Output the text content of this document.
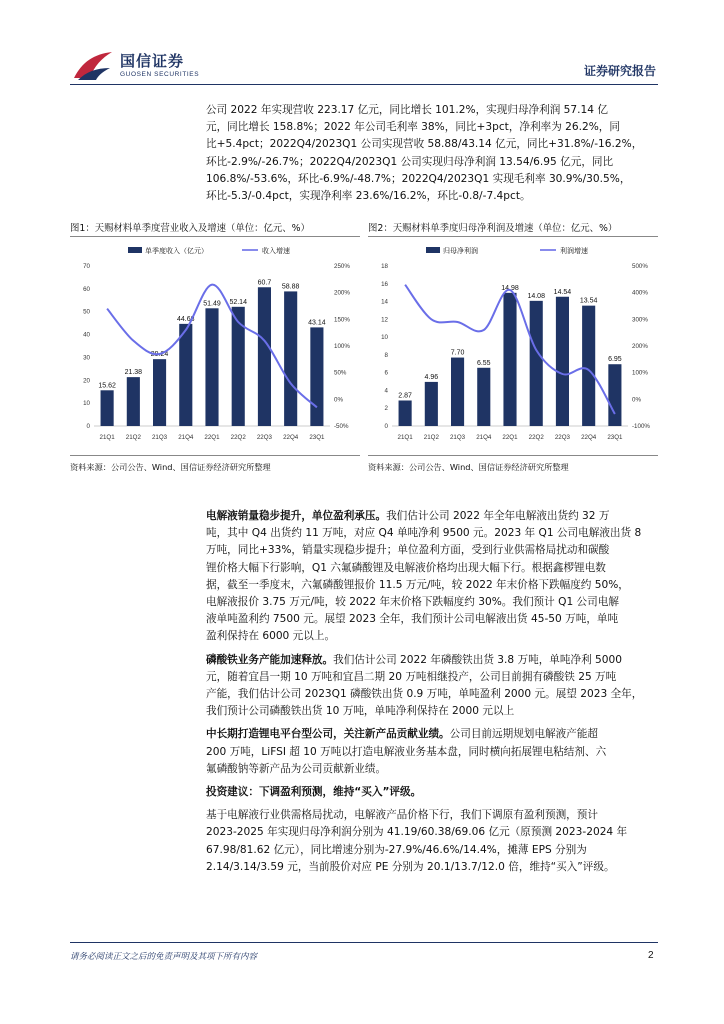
国信证券
GUOSEN SECURITIES	证券研究报告
公司 2022 年实现营收 223.17 亿元，同比增长 101.2%，实现归母净利润 57.14 亿
元，同比增长 158.8%；2022 年公司毛利率 38%，同比+3pct，净利率为 26.2%，同
比+5.4pct；2022Q4/2023Q1 公司实现营收 58.88/43.14 亿元，同比+31.8%/-16.2%，
环比-2.9%/-26.7%；2022Q4/2023Q1 公司实现归母净利润 13.54/6.95 亿元，同比
106.8%/-53.6%，环比-6.9%/-48.7%；2022Q4/2023Q1 实现毛利率 30.9%/30.5%，
环比-5.3/-0.4pct，实现净利率 23.6%/16.2%，环比-0.8/-7.4pct。
图1：天赐材料单季度营业收入及增速（单位：亿元、%）	图2：天赐材料单季度归母净利润及增速（单位：亿元、%）
单季度收入（亿元）	收入增速
0
10
20
30
40
50
60
70
-50%
0%
50%
100%
150%
200%
250%
15.62
21Q1
21.38
21Q2
29.24
21Q3
44.68
21Q4
51.49
22Q1
52.14
22Q2
60.7
22Q3
58.88
22Q4
43.14
23Q1
归母净利润	利润增速
0
2
4
6
8
10
12
14
16
18
-100%
0%
100%
200%
300%
400%
500%
2.87
21Q1
4.96
21Q2
7.70
21Q3
6.55
21Q4
14.98
22Q1
14.08
22Q2
14.54
22Q3
13.54
22Q4
6.95
23Q1
资料来源：公司公告、Wind、国信证券经济研究所整理	资料来源：公司公告、Wind、国信证券经济研究所整理
电解液销量稳步提升，单位盈利承压。我们估计公司 2022 年全年电解液出货约 32 万
吨，其中 Q4 出货约 11 万吨，对应 Q4 单吨净利 9500 元。2023 年 Q1 公司电解液出货 8
万吨，同比+33%，销量实现稳步提升；单位盈利方面，受到行业供需格局扰动和碳酸
锂价格大幅下行影响，Q1 六氟磷酸锂及电解液价格均出现大幅下行。根据鑫椤锂电数
据，截至一季度末，六氟磷酸锂报价 11.5 万元/吨，较 2022 年末价格下跌幅度约 50%，
电解液报价 3.75 万元/吨，较 2022 年末价格下跌幅度约 30%。我们预计 Q1 公司电解
液单吨盈利约 7500 元。展望 2023 全年，我们预计公司电解液出货 45-50 万吨，单吨
盈利保持在 6000 元以上。
磷酸铁业务产能加速释放。我们估计公司 2022 年磷酸铁出货 3.8 万吨，单吨净利 5000
元，随着宜昌一期 10 万吨和宜昌二期 20 万吨相继投产，公司目前拥有磷酸铁 25 万吨
产能，我们估计公司 2023Q1 磷酸铁出货 0.9 万吨，单吨盈利 2000 元。展望 2023 全年，
我们预计公司磷酸铁出货 10 万吨，单吨净利保持在 2000 元以上
中长期打造锂电平台型公司，关注新产品贡献业绩。公司目前远期规划电解液产能超
200 万吨，LiFSI 超 10 万吨以打造电解液业务基本盘，同时横向拓展锂电粘结剂、六
氟磷酸钠等新产品为公司贡献新业绩。
投资建议：下调盈利预测，维持“买入”评级。
基于电解液行业供需格局扰动，电解液产品价格下行，我们下调原有盈利预测，预计
2023-2025 年实现归母净利润分别为 41.19/60.38/69.06 亿元（原预测 2023-2024 年
67.98/81.62 亿元），同比增速分别为-27.9%/46.6%/14.4%，摊薄 EPS 分别为
2.14/3.14/3.59 元，当前股价对应 PE 分别为 20.1/13.7/12.0 倍，维持“买入”评级。
请务必阅读正文之后的免责声明及其项下所有内容	2
